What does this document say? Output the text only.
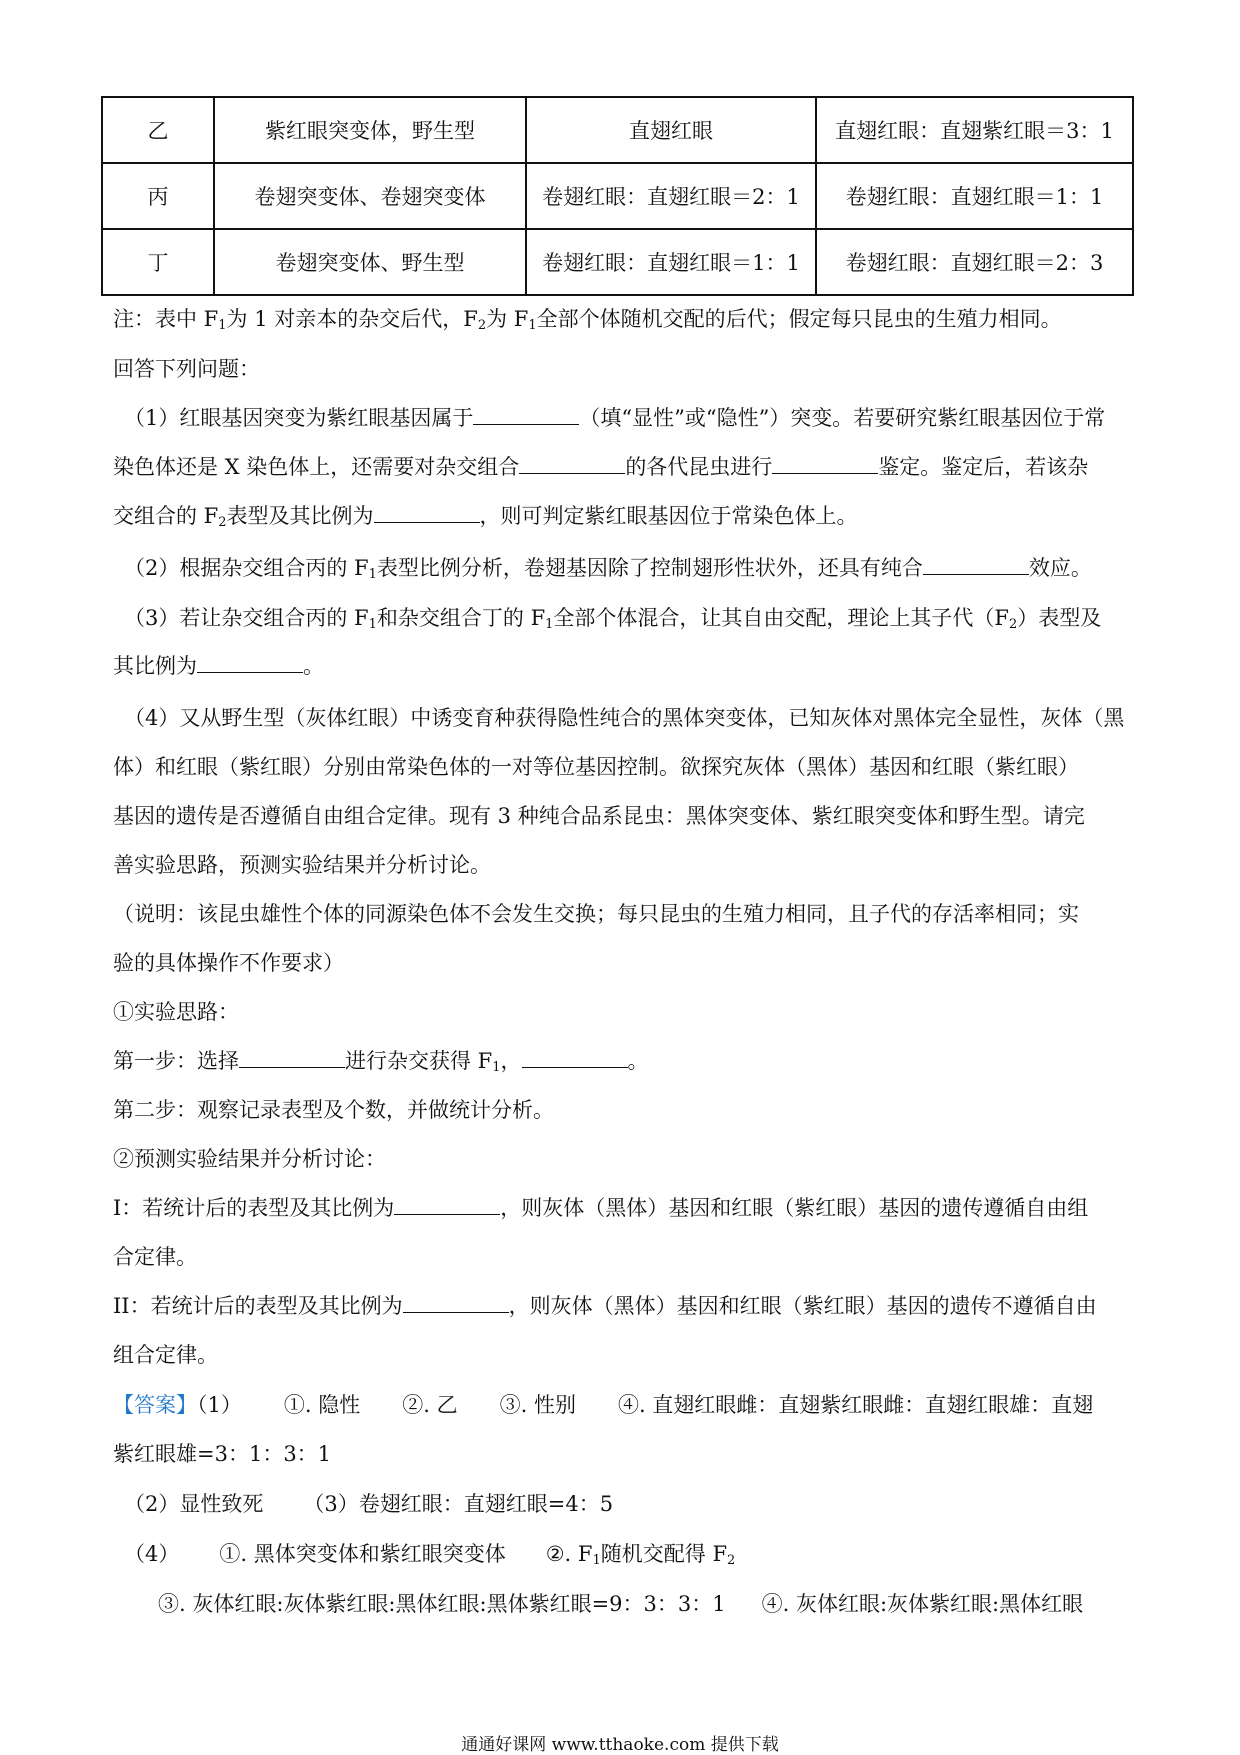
乙	紫红眼突变体，野生型	直翅红眼	直翅红眼：直翅紫红眼＝3：1
丙	卷翅突变体、卷翅突变体	卷翅红眼：直翅红眼＝2：1	卷翅红眼：直翅红眼＝1：1
丁	卷翅突变体、野生型	卷翅红眼：直翅红眼＝1：1	卷翅红眼：直翅红眼＝2：3
注：表中 $F_1$为 1 对亲本的杂交后代，$F_2$为 $F_1$全部个体随机交配的后代；假定每只昆虫的生殖力相同。
回答下列问题：
（1）红眼基因突变为紫红眼基因属于	（填“显性”或“隐性”）突变。若要研究紫红眼基因位于常
染色体还是 X 染色体上，还需要对杂交组合	的各代昆虫进行	鉴定。鉴定后，若该杂
交组合的 $F_2$表型及其比例为	，则可判定紫红眼基因位于常染色体上。
（2）根据杂交组合丙的 $F_1$表型比例分析，卷翅基因除了控制翅形性状外，还具有纯合	效应。
（3）若让杂交组合丙的 $F_1$和杂交组合丁的 $F_1$全部个体混合，让其自由交配，理论上其子代$(F_2)$表型及
其比例为	。
（4）又从野生型（灰体红眼）中诱变育种获得隐性纯合的黑体突变体，已知灰体对黑体完全显性，灰体（黑
体）和红眼（紫红眼）分别由常染色体的一对等位基因控制。欲探究灰体（黑体）基因和红眼（紫红眼）
基因的遗传是否遵循自由组合定律。现有 3 种纯合品系昆虫：黑体突变体、紫红眼突变体和野生型。请完
善实验思路，预测实验结果并分析讨论。
（说明：该昆虫雄性个体的同源染色体不会发生交换；每只昆虫的生殖力相同，且子代的存活率相同；实
验的具体操作不作要求）
①实验思路：
第一步：选择	进行杂交获得 $F_1$，	。
第二步：观察记录表型及个数，并做统计分析。
②预测实验结果并分析讨论：
I：若统计后的表型及其比例为	，则灰体（黑体）基因和红眼（紫红眼）基因的遗传遵循自由组
合定律。
II：若统计后的表型及其比例为	，则灰体（黑体）基因和红眼（紫红眼）基因的遗传不遵循自由
组合定律。
【答案】（1） ①. 隐性 ②. 乙 ③. 性别 ④. 直翅红眼雌：直翅紫红眼雌：直翅红眼雄：直翅
紫红眼雄=3：1：3：1
（2）显性致死 （3）卷翅红眼：直翅红眼=4：5
（4） ①. 黑体突变体和紫红眼突变体 ②. $F_1$随机交配得 $F_2$
③. 灰体红眼:灰体紫红眼:黑体红眼:黑体紫红眼=9：3：3：1 ④. 灰体红眼:灰体紫红眼:黑体红眼
通通好课网 www.tthaoke.com 提供下载
